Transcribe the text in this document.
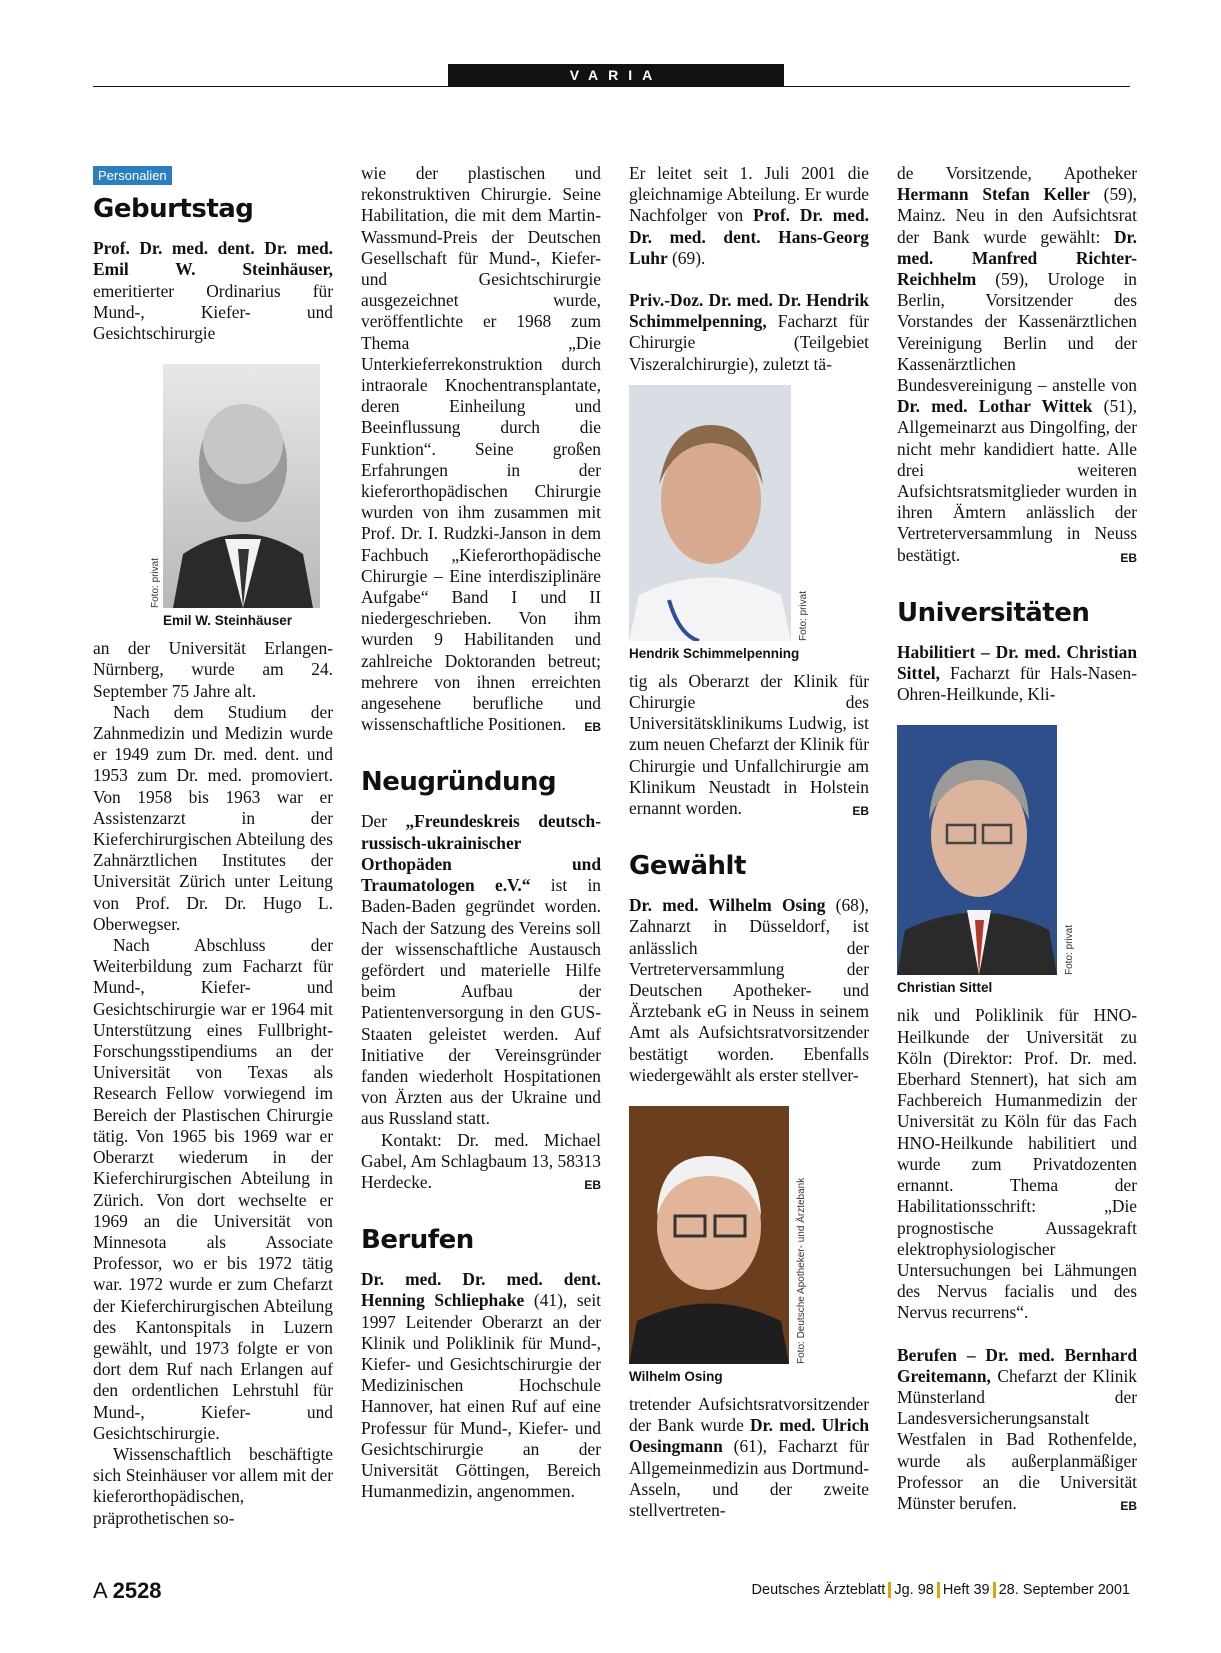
VARIA
Personalien
Geburtstag

Prof. Dr. med. dent. Dr. med. Emil W. Steinhäuser, emeritierter Ordinarius für Mund-, Kiefer- und Gesichtschirurgie

Foto: privat
Emil W. Steinhäuser

an der Universität Erlangen-Nürnberg, wurde am 24. September 75 Jahre alt.

Nach dem Studium der Zahnmedizin und Medizin wurde er 1949 zum Dr. med. dent. und 1953 zum Dr. med. promoviert. Von 1958 bis 1963 war er Assistenzarzt in der Kieferchirurgischen Abteilung des Zahnärztlichen Institutes der Universität Zürich unter Leitung von Prof. Dr. Dr. Hugo L. Oberwegser.

Nach Abschluss der Weiterbildung zum Facharzt für Mund-, Kiefer- und Gesichtschirurgie war er 1964 mit Unterstützung eines Fullbright-Forschungsstipendiums an der Universität von Texas als Research Fellow vorwiegend im Bereich der Plastischen Chirurgie tätig. Von 1965 bis 1969 war er Oberarzt wiederum in der Kieferchirurgischen Abteilung in Zürich. Von dort wechselte er 1969 an die Universität von Minnesota als Associate Professor, wo er bis 1972 tätig war. 1972 wurde er zum Chefarzt der Kieferchirurgischen Abteilung des Kantonspitals in Luzern gewählt, und 1973 folgte er von dort dem Ruf nach Erlangen auf den ordentlichen Lehrstuhl für Mund-, Kiefer- und Gesichtschirurgie.

Wissenschaftlich beschäftigte sich Steinhäuser vor allem mit der kieferorthopädischen, präprothetischen so-

wie der plastischen und rekonstruktiven Chirurgie. Seine Habilitation, die mit dem Martin-Wassmund-Preis der Deutschen Gesellschaft für Mund-, Kiefer- und Gesichtschirurgie ausgezeichnet wurde, veröffentlichte er 1968 zum Thema „Die Unterkieferrekonstruktion durch intraorale Knochentransplantate, deren Einheilung und Beeinflussung durch die Funktion“. Seine großen Erfahrungen in der kieferorthopädischen Chirurgie wurden von ihm zusammen mit Prof. Dr. I. Rudzki-Janson in dem Fachbuch „Kieferorthopädische Chirurgie – Eine interdisziplinäre Aufgabe“ Band I und II niedergeschrieben. Von ihm wurden 9 Habilitanden und zahlreiche Doktoranden betreut; mehrere von ihnen erreichten angesehene berufliche und wissenschaftliche Positionen. EB

Neugründung

Der „Freundeskreis deutsch-russisch-ukrainischer Orthopäden und Traumatologen e.V.“ ist in Baden-Baden gegründet worden. Nach der Satzung des Vereins soll der wissenschaftliche Austausch gefördert und materielle Hilfe beim Aufbau der Patientenversorgung in den GUS-Staaten geleistet werden. Auf Initiative der Vereinsgründer fanden wiederholt Hospitationen von Ärzten aus der Ukraine und aus Russland statt.

Kontakt: Dr. med. Michael Gabel, Am Schlagbaum 13, 58313 Herdecke.	EB

Berufen

Dr. med. Dr. med. dent. Henning Schliephake (41), seit 1997 Leitender Oberarzt an der Klinik und Poliklinik für Mund-, Kiefer- und Gesichtschirurgie der Medizinischen Hochschule Hannover, hat einen Ruf auf eine Professur für Mund-, Kiefer- und Gesichtschirurgie an der Universität Göttingen, Bereich Humanmedizin, angenommen.

Er leitet seit 1. Juli 2001 die gleichnamige Abteilung. Er wurde Nachfolger von Prof. Dr. med. Dr. med. dent. Hans-Georg Luhr (69).

Priv.-Doz. Dr. med. Dr. Hendrik Schimmelpenning, Facharzt für Chirurgie (Teilgebiet Viszeralchirurgie), zuletzt tä-

Foto: privat
Hendrik Schimmelpenning

tig als Oberarzt der Klinik für Chirurgie des Universitätsklinikums Ludwig, ist zum neuen Chefarzt der Klinik für Chirurgie und Unfallchirurgie am Klinikum Neustadt in Holstein ernannt worden.	EB

Gewählt

Dr. med. Wilhelm Osing (68), Zahnarzt in Düsseldorf, ist anlässlich der Vertreterversammlung der Deutschen Apotheker- und Ärztebank eG in Neuss in seinem Amt als Aufsichtsratvorsitzender bestätigt worden. Ebenfalls wiedergewählt als erster stellver-

Foto: Deutsche Apotheker- und Ärztebank
Wilhelm Osing

tretender Aufsichtsratvorsitzender der Bank wurde Dr. med. Ulrich Oesingmann (61), Facharzt für Allgemeinmedizin aus Dortmund-Asseln, und der zweite stellvertreten-

de Vorsitzende, Apotheker Hermann Stefan Keller (59), Mainz. Neu in den Aufsichtsrat der Bank wurde gewählt: Dr. med. Manfred Richter-Reichhelm (59), Urologe in Berlin, Vorsitzender des Vorstandes der Kassenärztlichen Vereinigung Berlin und der Kassenärztlichen Bundesvereinigung – anstelle von Dr. med. Lothar Wittek (51), Allgemeinarzt aus Dingolfing, der nicht mehr kandidiert hatte. Alle drei weiteren Aufsichtsratsmitglieder wurden in ihren Ämtern anlässlich der Vertreterversammlung in Neuss bestätigt.	EB

Universitäten

Habilitiert – Dr. med. Christian Sittel, Facharzt für Hals-Nasen-Ohren-Heilkunde, Kli-

Foto: privat
Christian Sittel

nik und Poliklinik für HNO-Heilkunde der Universität zu Köln (Direktor: Prof. Dr. med. Eberhard Stennert), hat sich am Fachbereich Humanmedizin der Universität zu Köln für das Fach HNO-Heilkunde habilitiert und wurde zum Privatdozenten ernannt. Thema der Habilitationsschrift: „Die prognostische Aussagekraft elektrophysiologischer Untersuchungen bei Lähmungen des Nervus facialis und des Nervus recurrens“.

Berufen – Dr. med. Bernhard Greitemann, Chefarzt der Klinik Münsterland der Landesversicherungsanstalt Westfalen in Bad Rothenfelde, wurde als außerplanmäßiger Professor an die Universität Münster berufen.	EB

A 2528	Deutsches Ärzteblatt Jg. 98 Heft 39 28. September 2001
